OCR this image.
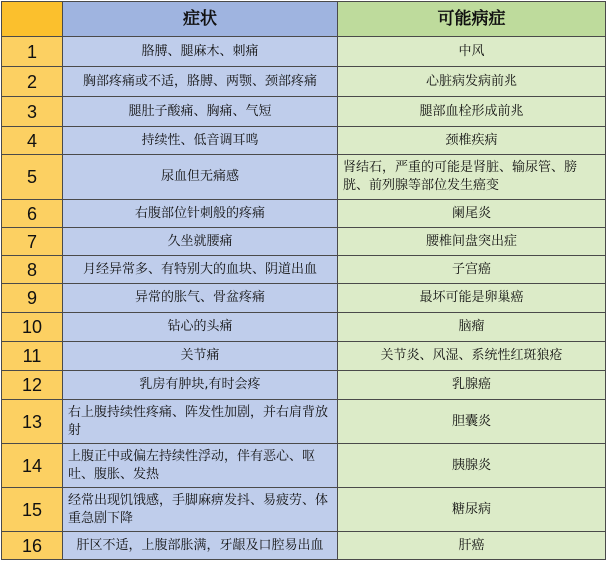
	症状	可能病症
1	胳膊、腿麻木、刺痛	中风
2	胸部疼痛或不适，胳膊、两颚、颈部疼痛	心脏病发病前兆
3	腿肚子酸痛、胸痛、气短	腿部血栓形成前兆
4	持续性、低音调耳鸣	颈椎疾病
5	尿血但无痛感	肾结石，严重的可能是肾脏、输尿管、膀胱、前列腺等部位发生癌变
6	右腹部位针刺般的疼痛	阑尾炎
7	久坐就腰痛	腰椎间盘突出症
8	月经异常多、有特别大的血块、阴道出血	子宫癌
9	异常的胀气、骨盆疼痛	最坏可能是卵巢癌
10	钻心的头痛	脑瘤
11	关节痛	关节炎、风湿、系统性红斑狼疮
12	乳房有肿块,有时会疼	乳腺癌
13	右上腹持续性疼痛、阵发性加剧，并右肩背放射	胆囊炎
14	上腹正中或偏左持续性浮动，伴有恶心、呕吐、腹胀、发热	胰腺炎
15	经常出现饥饿感，手脚麻痹发抖、易疲劳、体重急剧下降	糖尿病
16	肝区不适，上腹部胀满，牙龈及口腔易出血	肝癌
